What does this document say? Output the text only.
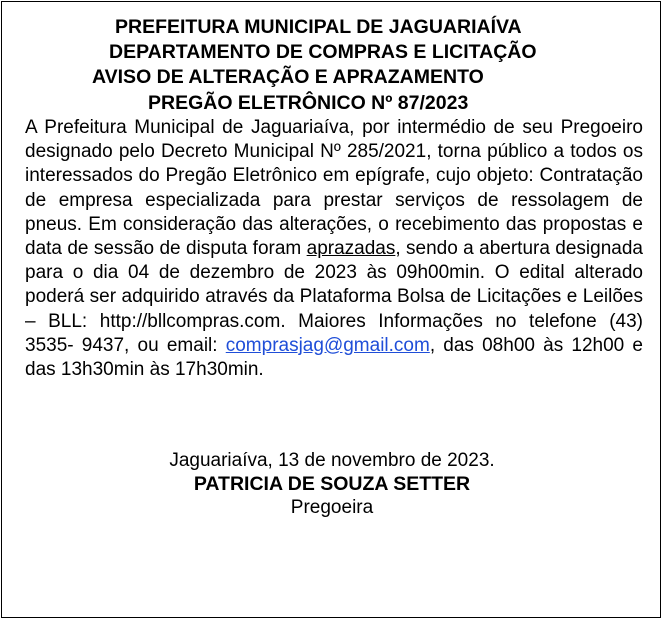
PREFEITURA MUNICIPAL DE JAGUARIAÍVA
DEPARTAMENTO DE COMPRAS E LICITAÇÃO
AVISO DE ALTERAÇÃO E APRAZAMENTO
PREGÃO ELETRÔNICO Nº 87/2023

A Prefeitura Municipal de Jaguariaíva, por intermédio de seu Pregoeiro designado pelo Decreto Municipal Nº 285/2021, torna público a todos os interessados do Pregão Eletrônico em epígrafe, cujo objeto: Contratação de empresa especializada para prestar serviços de ressolagem de pneus. Em consideração das alterações, o recebimento das propostas e data de sessão de disputa foram aprazadas, sendo a abertura designada para o dia 04 de dezembro de 2023 às 09h00min. O edital alterado poderá ser adquirido através da Plataforma Bolsa de Licitações e Leilões – BLL: http://bllcompras.com. Maiores Informações no telefone (43) 3535- 9437, ou email: comprasjag@gmail.com, das 08h00 às 12h00 e das 13h30min às 17h30min.

Jaguariaíva, 13 de novembro de 2023.

PATRICIA DE SOUZA SETTER

Pregoeira
